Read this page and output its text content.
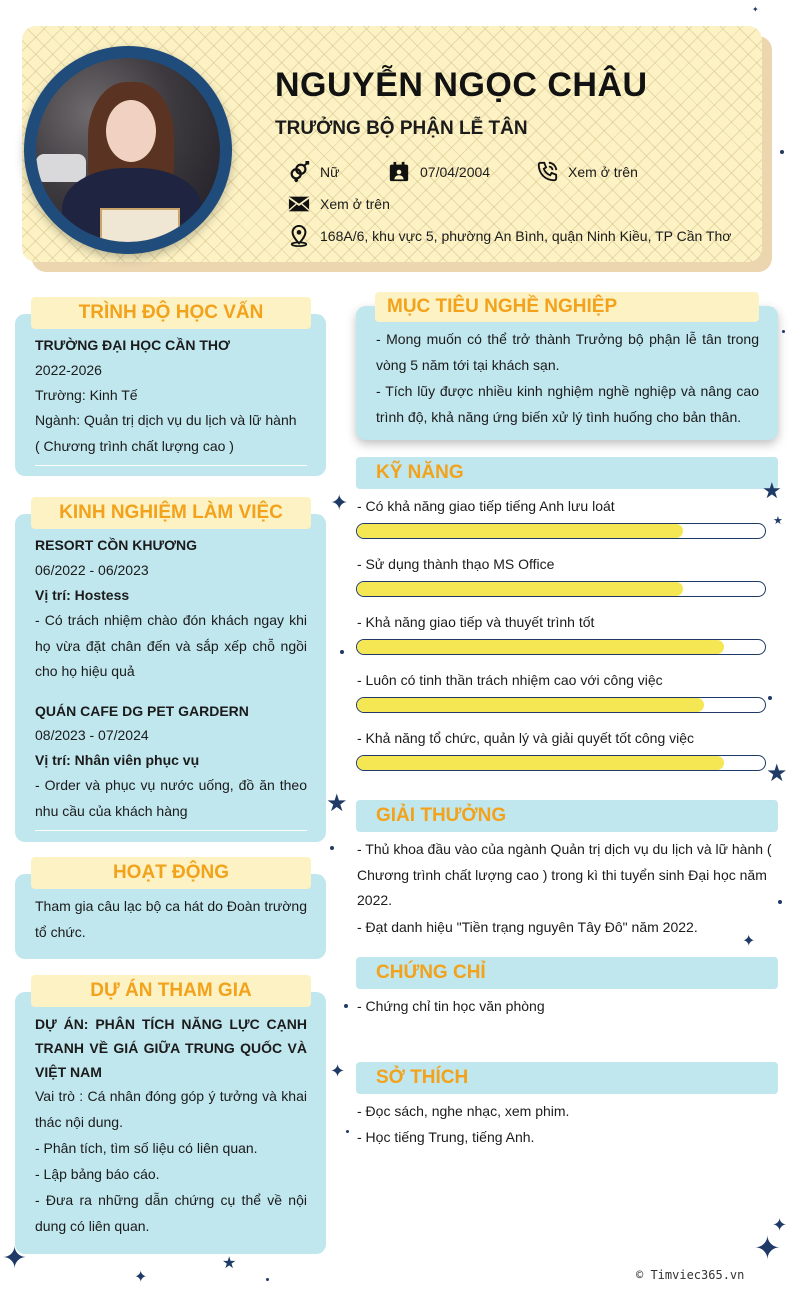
NGUYỄN NGỌC CHÂU
TRƯỞNG BỘ PHẬN LỄ TÂN
Nữ	07/04/2004	Xem ở trên
Xem ở trên
168A/6, khu vực 5, phường An Bình, quận Ninh Kiều, TP Cần Thơ
TRÌNH ĐỘ HỌC VẤN
TRƯỜNG ĐẠI HỌC CẦN THƠ
2022-2026
Trường: Kinh Tế
Ngành: Quản trị dịch vụ du lịch và lữ hành
( Chương trình chất lượng cao )
KINH NGHIỆM LÀM VIỆC
RESORT CỒN KHƯƠNG
06/2022 - 06/2023
Vị trí: Hostess
- Có trách nhiệm chào đón khách ngay khi họ vừa đặt chân đến và sắp xếp chỗ ngồi cho họ hiệu quả
QUÁN CAFE DG PET GARDERN
08/2023 - 07/2024
Vị trí: Nhân viên phục vụ
- Order và phục vụ nước uống, đồ ăn theo nhu cầu của khách hàng
HOẠT ĐỘNG
Tham gia câu lạc bộ ca hát do Đoàn trường tổ chức.
DỰ ÁN THAM GIA
DỰ ÁN: PHÂN TÍCH NĂNG LỰC CẠNH TRANH VỀ GIÁ GIỮA TRUNG QUỐC VÀ VIỆT NAM
Vai trò : Cá nhân đóng góp ý tưởng và khai thác nội dung.
- Phân tích, tìm số liệu có liên quan.
- Lập bảng báo cáo.
- Đưa ra những dẫn chứng cụ thể về nội dung có liên quan.
MỤC TIÊU NGHỀ NGHIỆP
- Mong muốn có thể trở thành Trưởng bộ phận lễ tân trong vòng 5 năm tới tại khách sạn.
- Tích lũy được nhiều kinh nghiệm nghề nghiệp và nâng cao trình độ, khả năng ứng biến xử lý tình huống cho bản thân.
KỸ NĂNG
- Có khả năng giao tiếp tiếng Anh lưu loát
- Sử dụng thành thạo MS Office
- Khả năng giao tiếp và thuyết trình tốt
- Luôn có tinh thần trách nhiệm cao với công việc
- Khả năng tổ chức, quản lý và giải quyết tốt công việc
GIẢI THƯỞNG
- Thủ khoa đầu vào của ngành Quản trị dịch vụ du lịch và lữ hành ( Chương trình chất lượng cao ) trong kì thi tuyển sinh Đại học năm 2022.
- Đạt danh hiệu "Tiền trạng nguyên Tây Đô" năm 2022.
CHỨNG CHỈ
- Chứng chỉ tin học văn phòng
SỞ THÍCH
- Đọc sách, nghe nhạc, xem phim.
- Học tiếng Trung, tiếng Anh.
✦	★
★
★
★
✦
✦
✦
✦
✦
✦
★
✦
© Timviec365.vn
